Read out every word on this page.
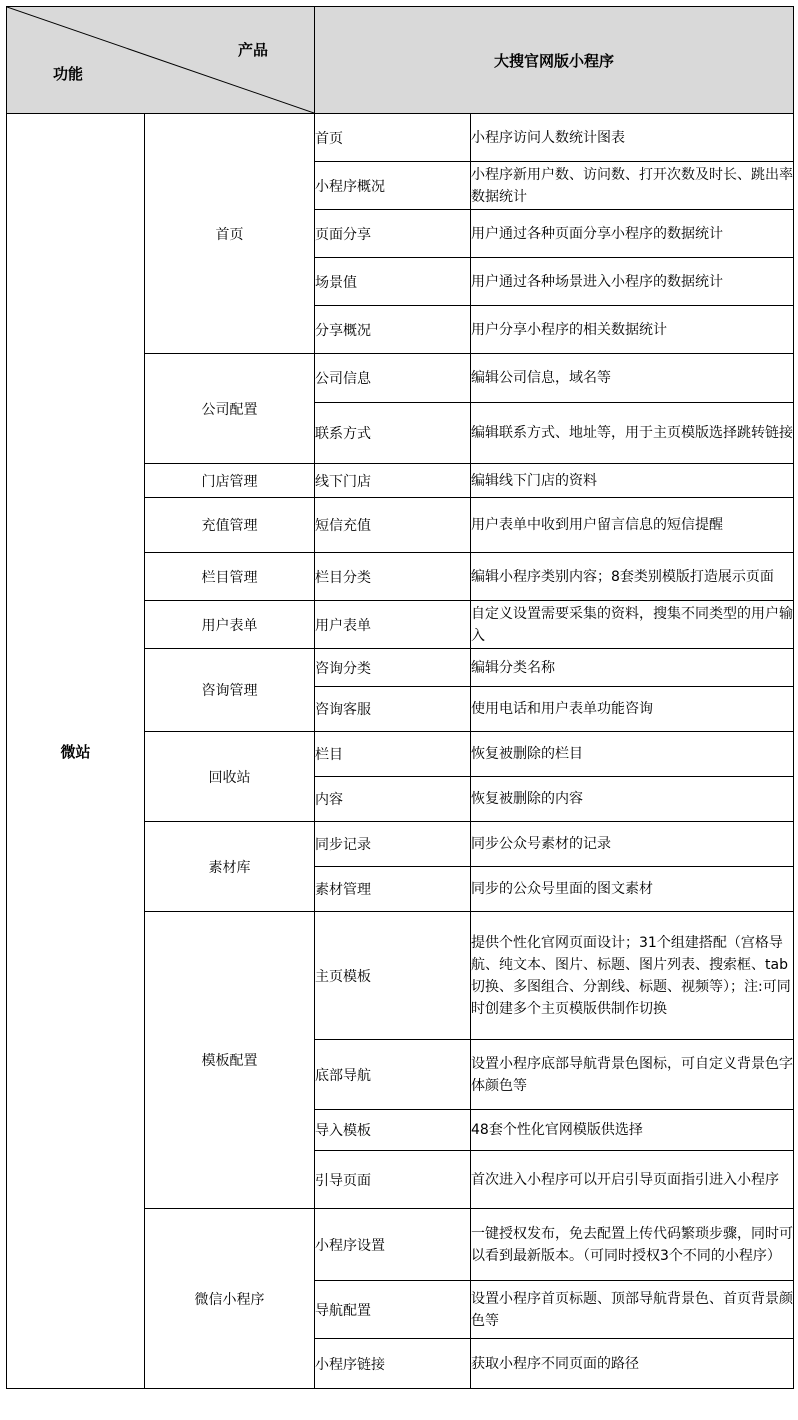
产品
功能		大搜官网版小程序	
微站	首页	首页	小程序访问人数统计图表
		小程序概况	小程序新用户数、访问数、打开次数及时长、跳出率数据统计
		页面分享	用户通过各种页面分享小程序的数据统计
		场景值	用户通过各种场景进入小程序的数据统计
		分享概况	用户分享小程序的相关数据统计
	公司配置	公司信息	编辑公司信息，域名等
		联系方式	编辑联系方式、地址等，用于主页模版选择跳转链接
	门店管理	线下门店	编辑线下门店的资料
	充值管理	短信充值	用户表单中收到用户留言信息的短信提醒
	栏目管理	栏目分类	编辑小程序类别内容；8套类别模版打造展示页面
	用户表单	用户表单	自定义设置需要采集的资料，搜集不同类型的用户输入
	咨询管理	咨询分类	编辑分类名称
		咨询客服	使用电话和用户表单功能咨询
	回收站	栏目	恢复被删除的栏目
		内容	恢复被删除的内容
	素材库	同步记录	同步公众号素材的记录
		素材管理	同步的公众号里面的图文素材
	模板配置	主页模板	提供个性化官网页面设计；31个组建搭配（宫格导航、纯文本、图片、标题、图片列表、搜索框、tab切换、多图组合、分割线、标题、视频等）；注:可同时创建多个主页模版供制作切换
		底部导航	设置小程序底部导航背景色图标，可自定义背景色字体颜色等
		导入模板	48套个性化官网模版供选择
		引导页面	首次进入小程序可以开启引导页面指引进入小程序
	微信小程序	小程序设置	一键授权发布，免去配置上传代码繁琐步骤，同时可以看到最新版本。（可同时授权3个不同的小程序）
		导航配置	设置小程序首页标题、顶部导航背景色、首页背景颜色等
		小程序链接	获取小程序不同页面的路径
